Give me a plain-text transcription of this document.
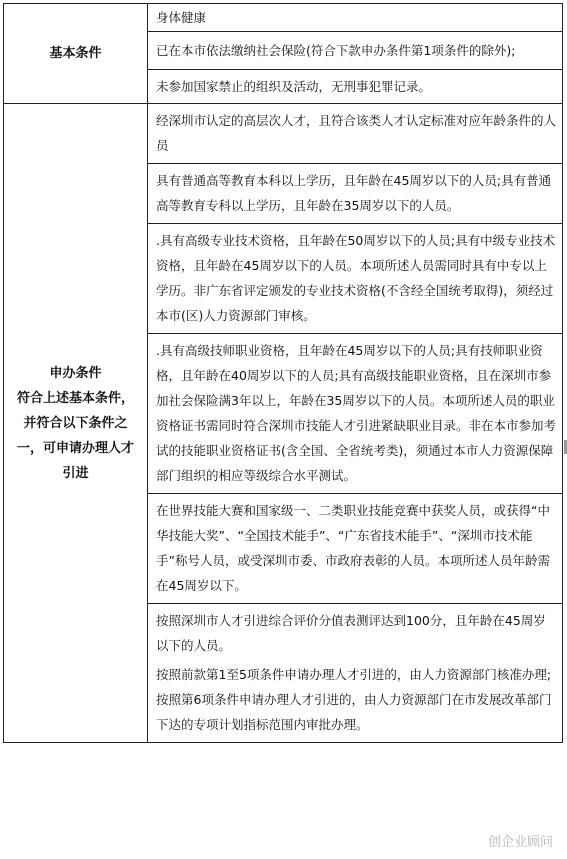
基本条件	身体健康
	已在本市依法缴纳社会保险(符合下款申办条件第1项条件的除外);
	未参加国家禁止的组织及活动，无刑事犯罪记录。

申办条件
符合上述基本条件，
并符合以下条件之
一，可申请办理人才
引进	经深圳市认定的高层次人才，且符合该类人才认定标准对应年龄条件的人员

	具有普通高等教育本科以上学历，且年龄在45周岁以下的人员;具有普通高等教育专科以上学历，且年龄在35周岁以下的人员。

	.具有高级专业技术资格，且年龄在50周岁以下的人员;具有中级专业技术资格，且年龄在45周岁以下的人员。本项所述人员需同时具有中专以上学历。非广东省评定颁发的专业技术资格(不含经全国统考取得)，须经过本市(区)人力资源部门审核。

	.具有高级技师职业资格，且年龄在45周岁以下的人员;具有技师职业资格，且年龄在40周岁以下的人员;具有高级技能职业资格，且在深圳市参加社会保险满3年以上，年龄在35周岁以下的人员。本项所述人员的职业资格证书需同时符合深圳市技能人才引进紧缺职业目录。非在本市参加考试的技能职业资格证书(含全国、全省统考类)，须通过本市人力资源保障部门组织的相应等级综合水平测试。

	在世界技能大赛和国家级一、二类职业技能竞赛中获奖人员，或获得“中华技能大奖”、“全国技术能手”、“广东省技术能手”、“深圳市技术能手”称号人员，或受深圳市委、市政府表彰的人员。本项所述人员年龄需在45周岁以下。

	按照深圳市人才引进综合评价分值表测评达到100分，且年龄在45周岁以下的人员。
按照前款第1至5项条件申请办理人才引进的，由人力资源部门核准办理;按照第6项条件申请办理人才引进的，由人力资源部门在市发展改革部门下达的专项计划指标范围内审批办理。
创企业顾问
